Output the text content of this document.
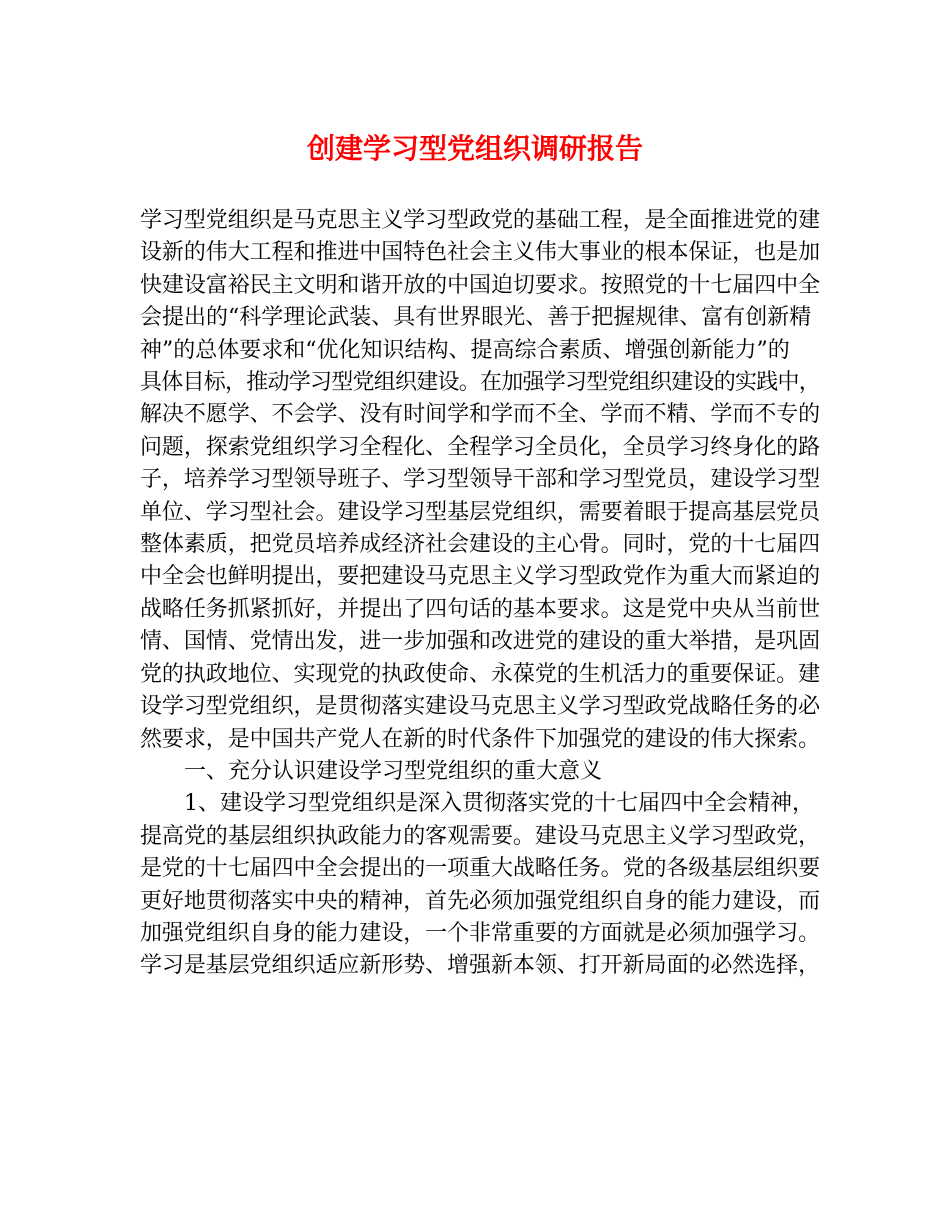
创建学习型党组织调研报告
学习型党组织是马克思主义学习型政党的基础工程，是全面推进党的建
设新的伟大工程和推进中国特色社会主义伟大事业的根本保证，也是加
快建设富裕民主文明和谐开放的中国迫切要求。按照党的十七届四中全
会提出的“科学理论武装、具有世界眼光、善于把握规律、富有创新精
神”的总体要求和“优化知识结构、提高综合素质、增强创新能力”的
具体目标，推动学习型党组织建设。在加强学习型党组织建设的实践中，
解决不愿学、不会学、没有时间学和学而不全、学而不精、学而不专的
问题，探索党组织学习全程化、全程学习全员化，全员学习终身化的路
子，培养学习型领导班子、学习型领导干部和学习型党员，建设学习型
单位、学习型社会。建设学习型基层党组织，需要着眼于提高基层党员
整体素质，把党员培养成经济社会建设的主心骨。同时，党的十七届四
中全会也鲜明提出，要把建设马克思主义学习型政党作为重大而紧迫的
战略任务抓紧抓好，并提出了四句话的基本要求。这是党中央从当前世
情、国情、党情出发，进一步加强和改进党的建设的重大举措，是巩固
党的执政地位、实现党的执政使命、永葆党的生机活力的重要保证。建
设学习型党组织，是贯彻落实建设马克思主义学习型政党战略任务的必
然要求，是中国共产党人在新的时代条件下加强党的建设的伟大探索。
　　一、充分认识建设学习型党组织的重大意义
　　1、建设学习型党组织是深入贯彻落实党的十七届四中全会精神，
提高党的基层组织执政能力的客观需要。建设马克思主义学习型政党，
是党的十七届四中全会提出的一项重大战略任务。党的各级基层组织要
更好地贯彻落实中央的精神，首先必须加强党组织自身的能力建设，而
加强党组织自身的能力建设，一个非常重要的方面就是必须加强学习。
学习是基层党组织适应新形势、增强新本领、打开新局面的必然选择，
